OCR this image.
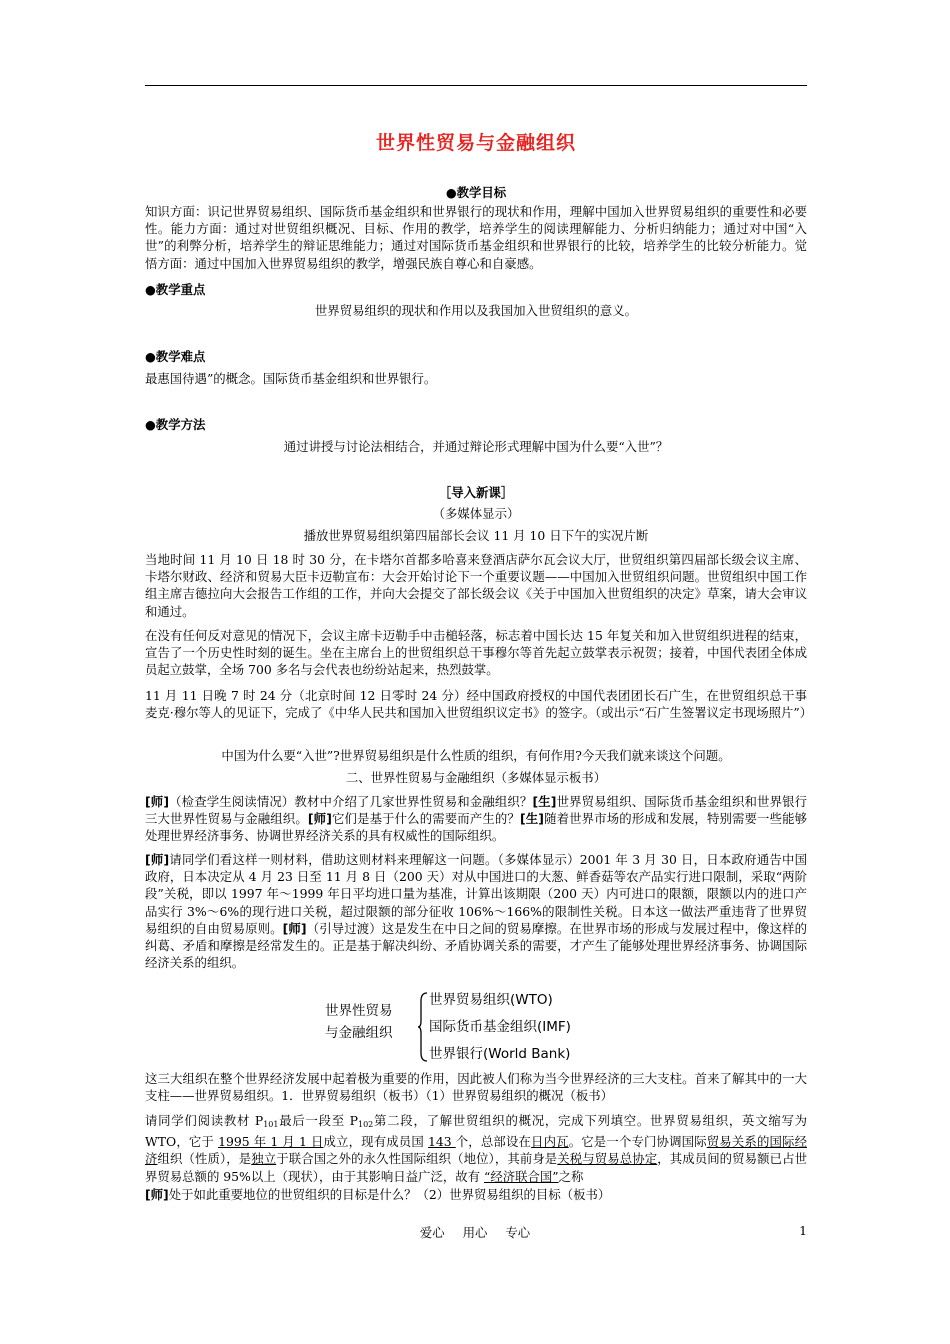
世界性贸易与金融组织
●教学目标
知识方面：识记世界贸易组织、国际货币基金组织和世界银行的现状和作用，理解中国加入世界贸易组织的重要性和必要性。能力方面：通过对世贸组织概况、目标、作用的教学，培养学生的阅读理解能力、分析归纳能力；通过对中国“入世”的利弊分析，培养学生的辩证思维能力；通过对国际货币基金组织和世界银行的比较，培养学生的比较分析能力。觉悟方面：通过中国加入世界贸易组织的教学，增强民族自尊心和自豪感。
●教学重点
世界贸易组织的现状和作用以及我国加入世贸组织的意义。
●教学难点
最惠国待遇”的概念。国际货币基金组织和世界银行。
●教学方法
通过讲授与讨论法相结合，并通过辩论形式理解中国为什么要“入世”？
［导入新课］
（多媒体显示）
播放世界贸易组织第四届部长会议 11 月 10 日下午的实况片断
当地时间 11 月 10 日 18 时 30 分，在卡塔尔首都多哈喜来登酒店萨尔瓦会议大厅，世贸组织第四届部长级会议主席、卡塔尔财政、经济和贸易大臣卡迈勒宣布：大会开始讨论下一个重要议题——中国加入世贸组织问题。世贸组织中国工作组主席吉德拉向大会报告工作组的工作，并向大会提交了部长级会议《关于中国加入世贸组织的决定》草案，请大会审议和通过。
在没有任何反对意见的情况下，会议主席卡迈勒手中击槌轻落，标志着中国长达 15 年复关和加入世贸组织进程的结束，宣告了一个历史性时刻的诞生。坐在主席台上的世贸组织总干事穆尔等首先起立鼓掌表示祝贺；接着，中国代表团全体成员起立鼓掌，全场 700 多名与会代表也纷纷站起来，热烈鼓掌。
11 月 11 日晚 7 时 24 分（北京时间 12 日零时 24 分）经中国政府授权的中国代表团团长石广生，在世贸组织总干事麦克·穆尔等人的见证下，完成了《中华人民共和国加入世贸组织议定书》的签字。（或出示“石广生签署议定书现场照片”）
中国为什么要“入世”?世界贸易组织是什么性质的组织，有何作用?今天我们就来谈这个问题。
二、世界性贸易与金融组织（多媒体显示板书）
[师]（检查学生阅读情况）教材中介绍了几家世界性贸易和金融组织？[生]世界贸易组织、国际货币基金组织和世界银行三大世界性贸易与金融组织。[师]它们是基于什么的需要而产生的？[生]随着世界市场的形成和发展，特别需要一些能够处理世界经济事务、协调世界经济关系的具有权威性的国际组织。
[师]请同学们看这样一则材料，借助这则材料来理解这一问题。（多媒体显示）2001 年 3 月 30 日，日本政府通告中国政府，日本决定从 4 月 23 日至 11 月 8 日（200 天）对从中国进口的大葱、鲜香菇等农产品实行进口限制，采取“两阶段”关税，即以 1997 年～1999 年日平均进口量为基准，计算出该期限（200 天）内可进口的限额，限额以内的进口产品实行 3%～6%的现行进口关税，超过限额的部分征收 106%～166%的限制性关税。日本这一做法严重违背了世界贸易组织的自由贸易原则。[师]（引导过渡）这是发生在中日之间的贸易摩擦。在世界市场的形成与发展过程中，像这样的纠葛、矛盾和摩擦是经常发生的。正是基于解决纠纷、矛盾协调关系的需要，才产生了能够处理世界经济事务、协调国际经济关系的组织。
世界性贸易
与金融组织
世界贸易组织(WTO)
国际货币基金组织(IMF)
世界银行(World Bank)
这三大组织在整个世界经济发展中起着极为重要的作用，因此被人们称为当今世界经济的三大支柱。首来了解其中的一大支柱——世界贸易组织。1．世界贸易组织（板书）（1）世界贸易组织的概况（板书）
请同学们阅读教材 $P_{101}$最后一段至 $P_{102}$第二段，了解世贸组织的概况，完成下列填空。世界贸易组织，英文缩写为 WTO，它于 1995 年 1 月 1 日成立，现有成员国 143 个，总部设在日内瓦。它是一个专门协调国际贸易关系的国际经济组织（性质），是独立于联合国之外的永久性国际组织（地位），其前身是关税与贸易总协定，其成员间的贸易额已占世界贸易总额的 95%以上（现状），由于其影响日益广泛，故有 “经济联合国”之称
[师]处于如此重要地位的世贸组织的目标是什么？（2）世界贸易组织的目标（板书）
爱心 用心 专心	1
